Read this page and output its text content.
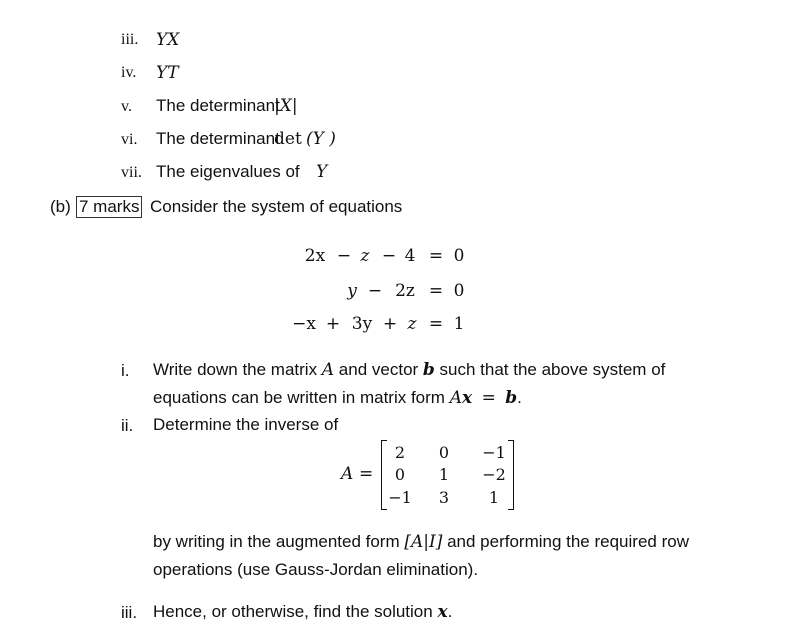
iii. YX
iv. YT
v. The determinant
|X|
vi. The determinant
det (Y )
vii. The eigenvalues of Y
(b) 7 marks Consider the system of equations
2x − z − 4 = 0
y − 2z = 0
−x + 3y + z = 1
i. Write down the matrix A and vector b such that the above system of
equations can be written in matrix form Ax = b.
ii. Determine the inverse of
A =
2	0	−1
0	1	−2
−1	3	1
by writing in the augmented form [A|I] and performing the required row
operations (use Gauss-Jordan elimination).
iii. Hence, or otherwise, find the solution x.
